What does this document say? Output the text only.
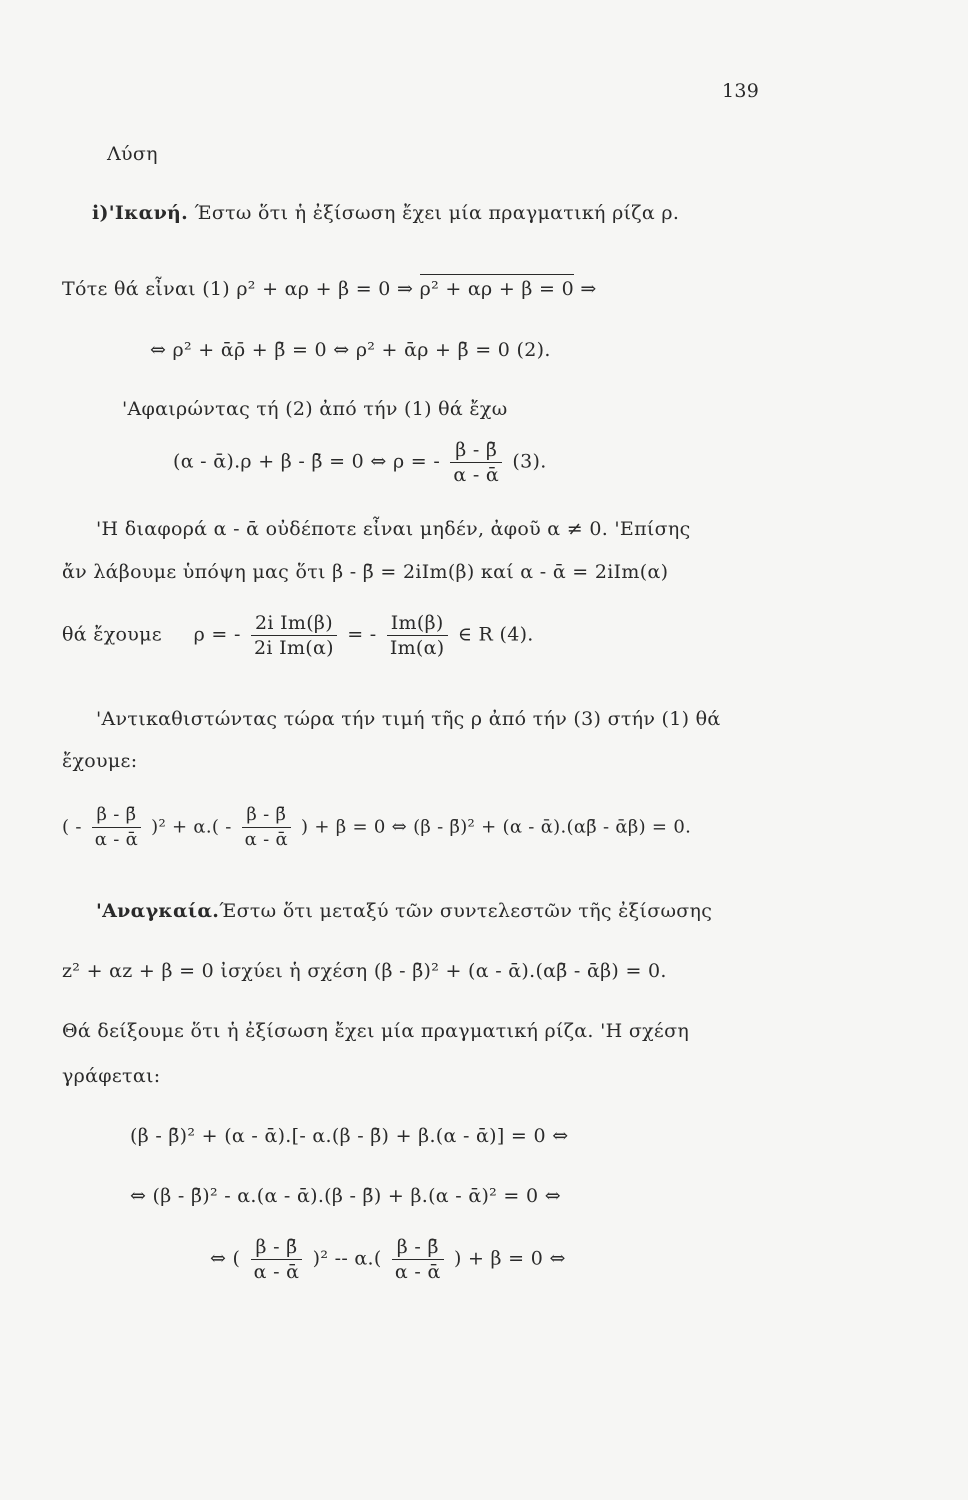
139
Λύση
i)'Ικανή. Έστω ὅτι ἡ ἐξίσωση ἔχει μία πραγματική ρίζα ρ.
Τότε θά εἶναι (1) ρ² + αρ + β = 0 ⇒ ρ² + αρ + β = 0 ⇒
⇔ ρ² + ᾱρ̄ + β̄ = 0 ⇔ ρ² + ᾱρ + β̄ = 0 (2).
'Αφαιρώντας τή (2) ἀπό τήν (1) θά ἔχω
(α - ᾱ).ρ + β - β̄ = 0 ⇔ ρ = - $\frac{\beta - \betā}{\text{α - ᾱ}} (3)$.
'Η διαφορά α - ᾱ οὐδέποτε εἶναι μηδέν, ἀφοῦ α ≠ 0. 'Επίσης
ἄν λάβουμε ὑπόψη μας ὅτι β - β̄ = 2iIm(β) καί α - ᾱ = 2iIm(α)
θά ἔχουμε ρ = - $\frac{\text{2i Im(β)}}{\text{2i Im(α)}}$ = - $\frac{Im(\beta)}{Im(\alpha)}$ ∈ R (4).
'Αντικαθιστώντας τώρα τήν τιμή τῆς ρ ἀπό τήν (3) στήν (1) θά
ἔχουμε:
( - $\frac{\beta - \betā}{\text{α - ᾱ}} )^2 + \alpha.( - \frac{\beta - \betā}{\text{α - ᾱ}}$ ) + β = 0 ⇔ (β - β̄)² + (α - ᾱ).(αβ̄ - ᾱβ) = 0.
'Αναγκαία.Έστω ὅτι μεταξύ τῶν συντελεστῶν τῆς ἐξίσωσης
z² + αz + β = 0 ἰσχύει ἡ σχέση (β - β̄)² + (α - ᾱ).(αβ̄ - ᾱβ) = 0.
Θά δείξουμε ὅτι ἡ ἐξίσωση ἔχει μία πραγματική ρίζα. 'Η σχέση
γράφεται:
(β - β̄)² + (α - ᾱ).[- α.(β - β̄) + β.(α - ᾱ)] = 0 ⇔
⇔ (β - β̄)² - α.(α - ᾱ).(β - β̄) + β.(α - ᾱ)² = 0 ⇔
⇔ ( $\frac{\beta - \betā}{\text{α - ᾱ}} )^2 -- \alpha.( \frac{\beta - \betā}{\text{α - ᾱ}}$ ) + β = 0 ⇔
